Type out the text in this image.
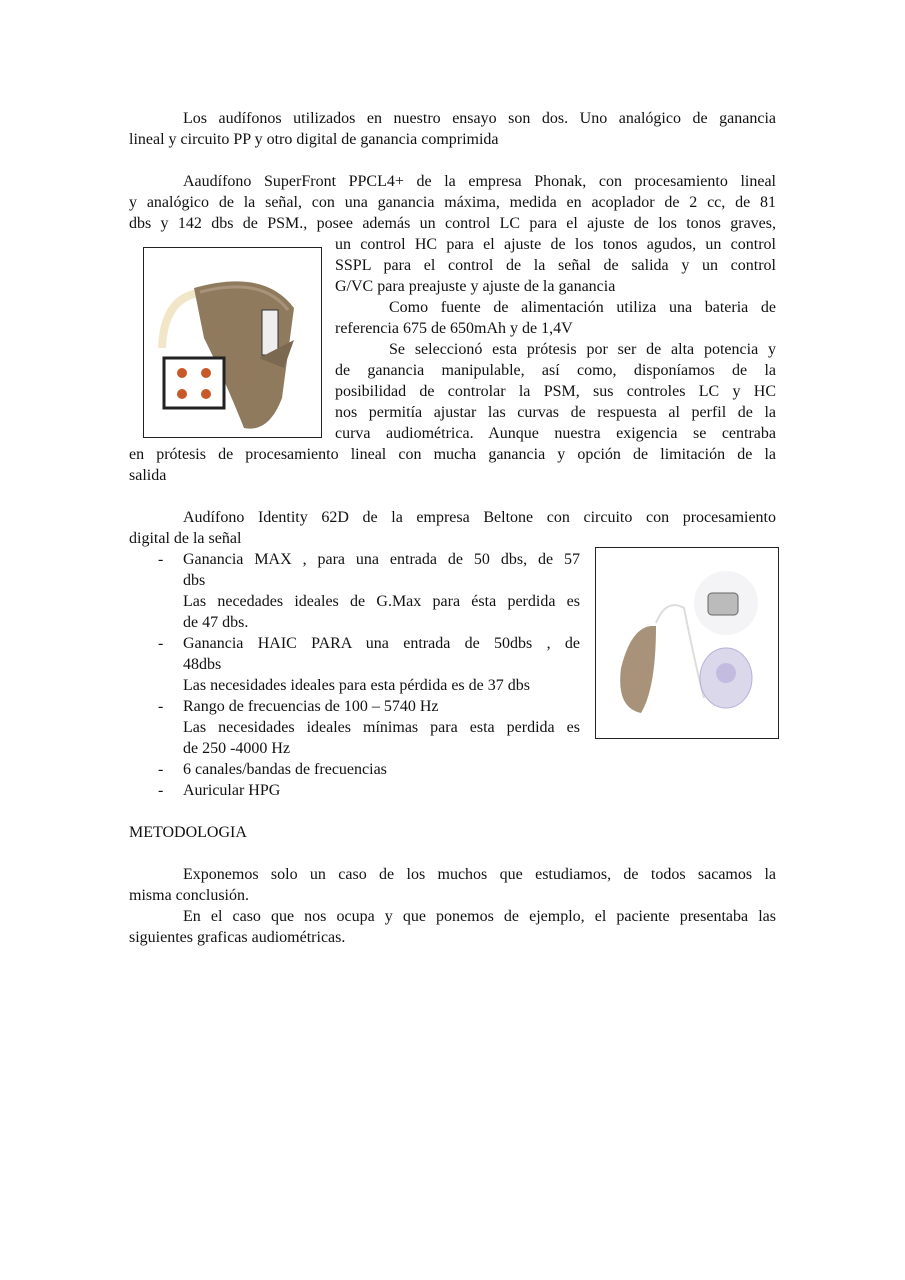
Los audífonos utilizados en nuestro ensayo son dos. Uno analógico de ganancia
lineal y circuito PP y otro digital de ganancia comprimida
Aaudífono SuperFront PPCL4+ de la empresa Phonak, con procesamiento lineal
y analógico de la señal, con una ganancia máxima, medida en acoplador de 2 cc, de 81
dbs y 142 dbs de PSM., posee además un control LC para el ajuste de los tonos graves,
un control HC para el ajuste de los tonos agudos, un control
SSPL para el control de la señal de salida y un control
G/VC para preajuste y ajuste de la ganancia
Como fuente de alimentación utiliza una bateria de
referencia 675 de 650mAh y de 1,4V
Se seleccionó esta prótesis por ser de alta potencia y
de ganancia manipulable, así como, disponíamos de la
posibilidad de controlar la PSM, sus controles LC y HC
nos permitía ajustar las curvas de respuesta al perfil de la
curva audiométrica. Aunque nuestra exigencia se centraba
en prótesis de procesamiento lineal con mucha ganancia y opción de limitación de la
salida
Audífono Identity 62D de la empresa Beltone con circuito con procesamiento
digital de la señal
- Ganancia MAX , para una entrada de 50 dbs, de 57
dbs
Las necedades ideales de G.Max para ésta perdida es
de 47 dbs.
- Ganancia HAIC PARA una entrada de 50dbs , de
48dbs
Las necesidades ideales para esta pérdida es de 37 dbs
- Rango de frecuencias de 100 – 5740 Hz
Las necesidades ideales mínimas para esta perdida es
de 250 -4000 Hz
- 6 canales/bandas de frecuencias
- Auricular HPG
METODOLOGIA
Exponemos solo un caso de los muchos que estudiamos, de todos sacamos la
misma conclusión.
En el caso que nos ocupa y que ponemos de ejemplo, el paciente presentaba las
siguientes graficas audiométricas.
